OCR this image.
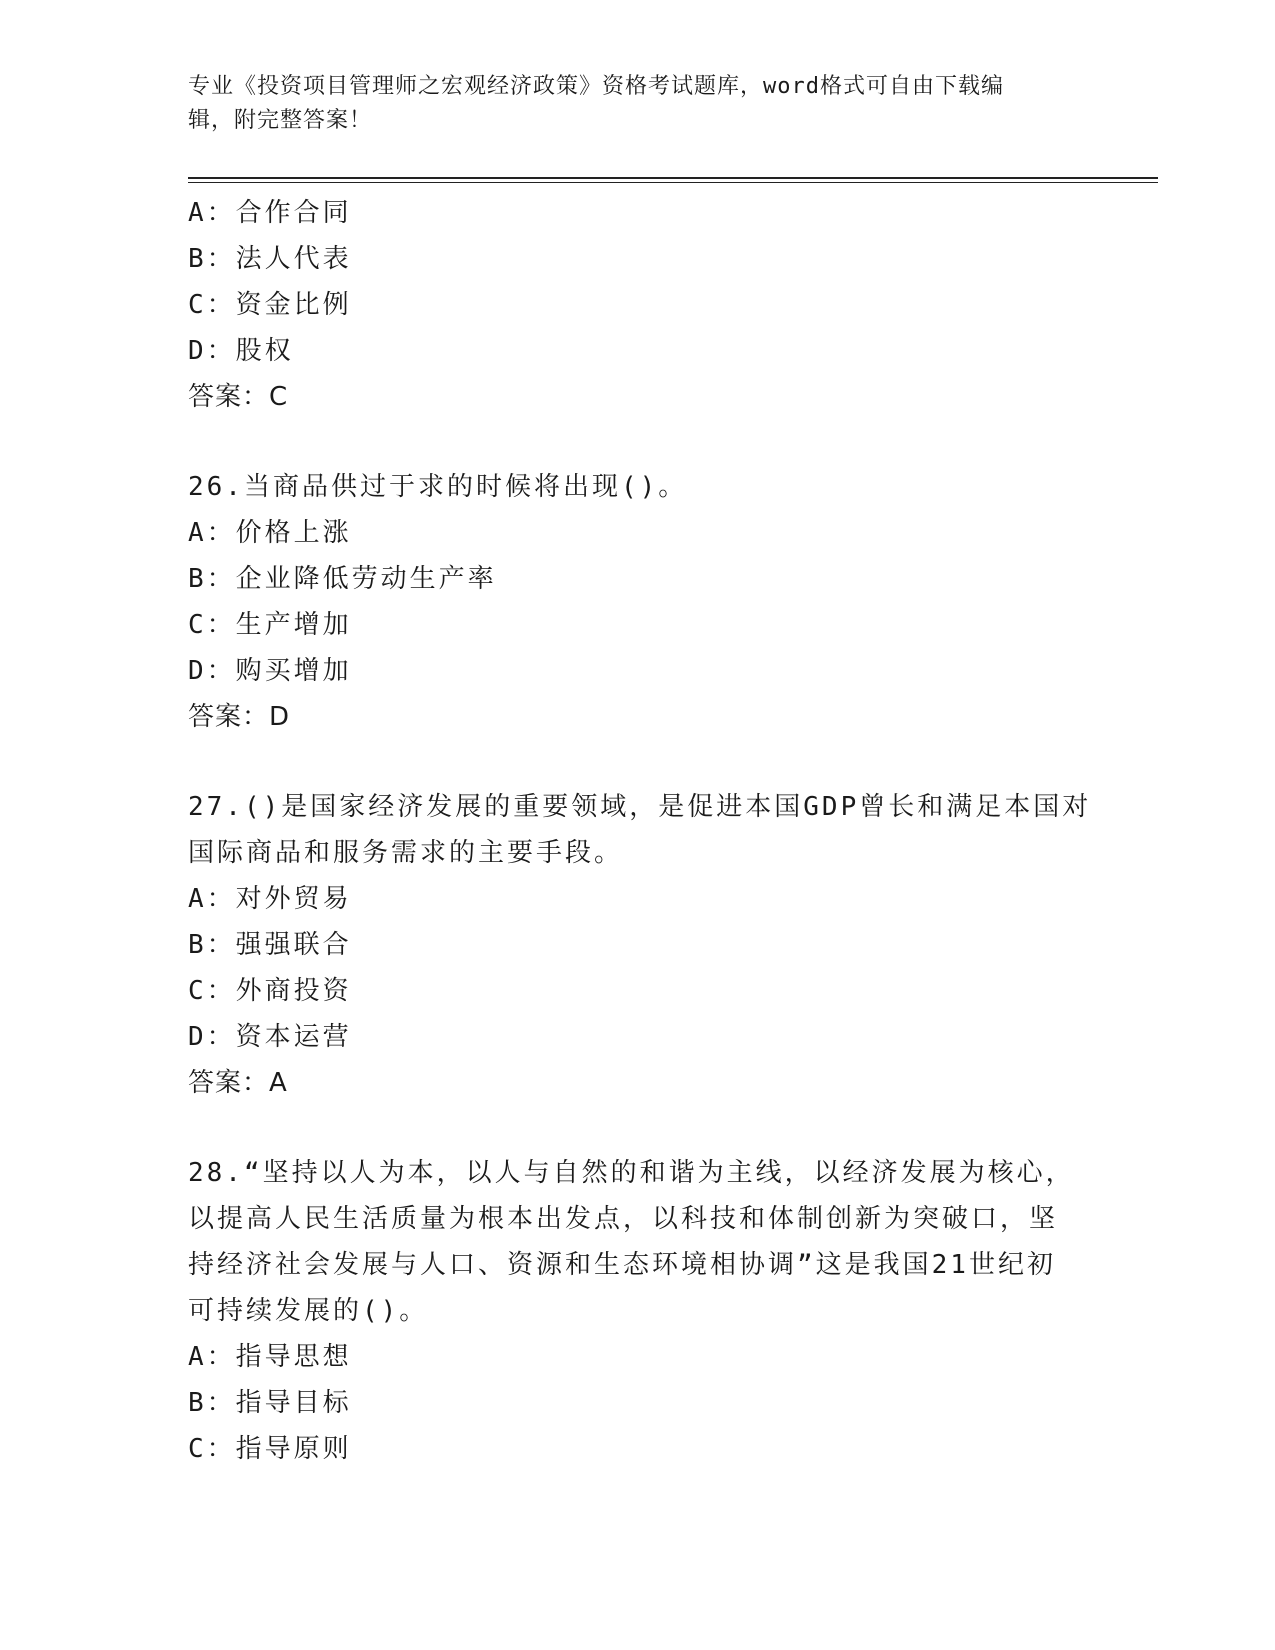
专业《投资项目管理师之宏观经济政策》资格考试题库，word格式可自由下载编
辑，附完整答案！
A：合作合同
B：法人代表
C：资金比例
D：股权
答案：C
26.当商品供过于求的时候将出现()。
A：价格上涨
B：企业降低劳动生产率
C：生产增加
D：购买增加
答案：D
27.()是国家经济发展的重要领域，是促进本国GDP曾长和满足本国对
国际商品和服务需求的主要手段。
A：对外贸易
B：强强联合
C：外商投资
D：资本运营
答案：A
28.“坚持以人为本，以人与自然的和谐为主线，以经济发展为核心，
以提高人民生活质量为根本出发点，以科技和体制创新为突破口，坚
持经济社会发展与人口、资源和生态环境相协调”这是我国21世纪初
可持续发展的()。
A：指导思想
B：指导目标
C：指导原则
